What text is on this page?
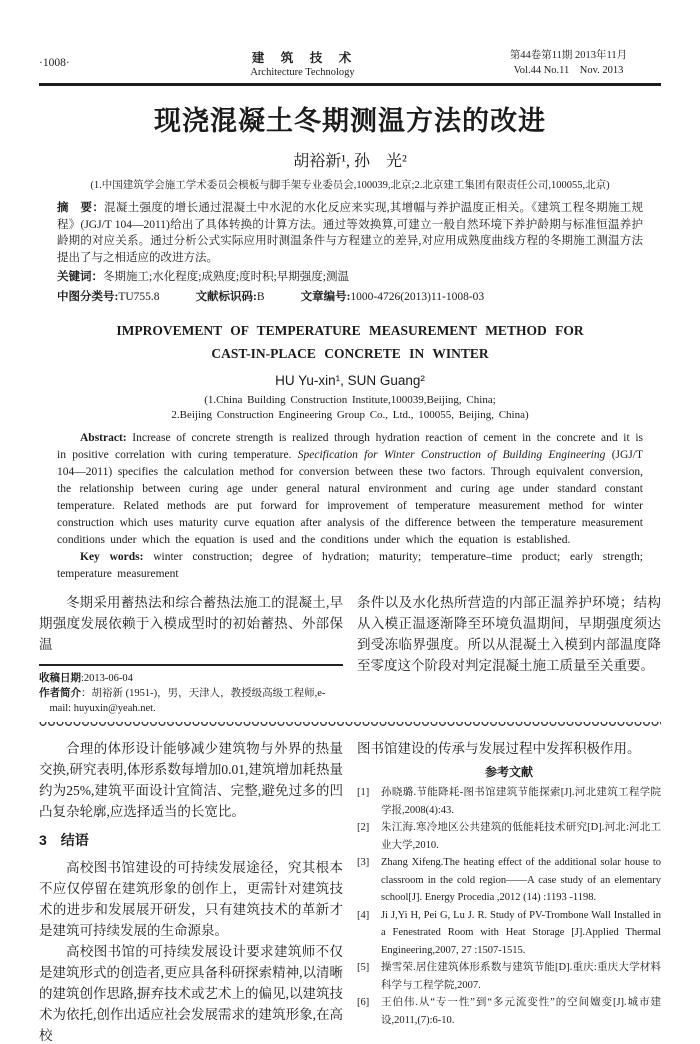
·1008·	建　筑　技　术
Architecture Technology
第44卷第11期 2013年11月
Vol.44 No.11　Nov. 2013
现浇混凝土冬期测温方法的改进
胡裕新¹, 孙　光²
(1.中国建筑学会施工学术委员会模板与脚手架专业委员会,100039,北京;2.北京建工集团有限责任公司,100055,北京)
摘　要：混凝土强度的增长通过混凝土中水泥的水化反应来实现,其增幅与养护温度正相关。《建筑工程冬期施工规程》(JGJ/T 104—2011)给出了具体转换的计算方法。通过等效换算,可建立一般自然环境下养护龄期与标准恒温养护龄期的对应关系。通过分析公式实际应用时测温条件与方程建立的差异,对应用成熟度曲线方程的冬期施工测温方法提出了与之相适应的改进方法。
关键词：冬期施工;水化程度;成熟度;度时积;早期强度;测温
中图分类号:TU755.8	文献标识码:B	文章编号:1000-4726(2013)11-1008-03
IMPROVEMENT OF TEMPERATURE MEASUREMENT METHOD FOR
CAST-IN-PLACE CONCRETE IN WINTER
HU Yu-xin¹, SUN Guang²
(1.China Building Construction Institute,100039,Beijing, China;
2.Beijing Construction Engineering Group Co., Ltd., 100055, Beijing, China)

Abstract: Increase of concrete strength is realized through hydration reaction of cement in the concrete and it is in positive correlation with curing temperature. Specification for Winter Construction of Building Engineering (JGJ/T 104—2011) specifies the calculation method for conversion between these two factors. Through equivalent conversion, the relationship between curing age under general natural environment and curing age under standard constant temperature. Related methods are put forward for improvement of temperature measurement method for winter construction which uses maturity curve equation after analysis of the difference between the temperature measurement conditions under which the equation is used and the conditions under which the equation is established.

Key words: winter construction; degree of hydration; maturity; temperature–time product; early strength; temperature measurement

冬期采用蓄热法和综合蓄热法施工的混凝土,早期强度发展依赖于入模成型时的初始蓄热、外部保温

收稿日期:2013-06-04
作者简介：胡裕新 (1951-)，男，天津人，教授级高级工程师,e-mail: huyuxin@yeah.net.

条件以及水化热所营造的内部正温养护环境；结构从入模正温逐渐降至环境负温期间，早期强度须达到受冻临界强度。所以从混凝土入模到内部温度降至零度这个阶段对判定混凝土施工质量至关重要。

合理的体形设计能够减少建筑物与外界的热量交换,研究表明,体形系数每增加0.01,建筑增加耗热量约为25%,建筑平面设计宜简洁、完整,避免过多的凹凸复杂轮廓,应选择适当的长宽比。

3　结语

高校图书馆建设的可持续发展途径，究其根本不应仅停留在建筑形象的创作上，更需针对建筑技术的进步和发展展开研发，只有建筑技术的革新才是建筑可持续发展的生命源泉。

高校图书馆的可持续发展设计要求建筑师不仅是建筑形式的创造者,更应具备科研探索精神,以清晰的建筑创作思路,摒弃技术或艺术上的偏见,以建筑技术为依托,创作出适应社会发展需求的建筑形象,在高校

图书馆建设的传承与发展过程中发挥积极作用。

参考文献
[1] 孙晓璐.节能降耗-图书馆建筑节能探索[J].河北建筑工程学院学报,2008(4):43.
[2] 朱江海.寒冷地区公共建筑的低能耗技术研究[D].河北:河北工业大学,2010.
[3] Zhang Xifeng.The heating effect of the additional solar house to classroom in the cold region——A case study of an elementary school[J]. Energy Procedia ,2012 (14) :1193 -1198.
[4] Ji J,Yi H, Pei G, Lu J. R. Study of PV-Trombone Wall Installed in a Fenestrated Room with Heat Storage [J].Applied Thermal Engineering,2007, 27 :1507-1515.
[5] 操雪荣.居住建筑体形系数与建筑节能[D].重庆:重庆大学材料科学与工程学院,2007.
[6] 王伯伟.从“专一性”到“多元流变性”的空间嬗变[J].城市建设,2011,(7):6-10.
